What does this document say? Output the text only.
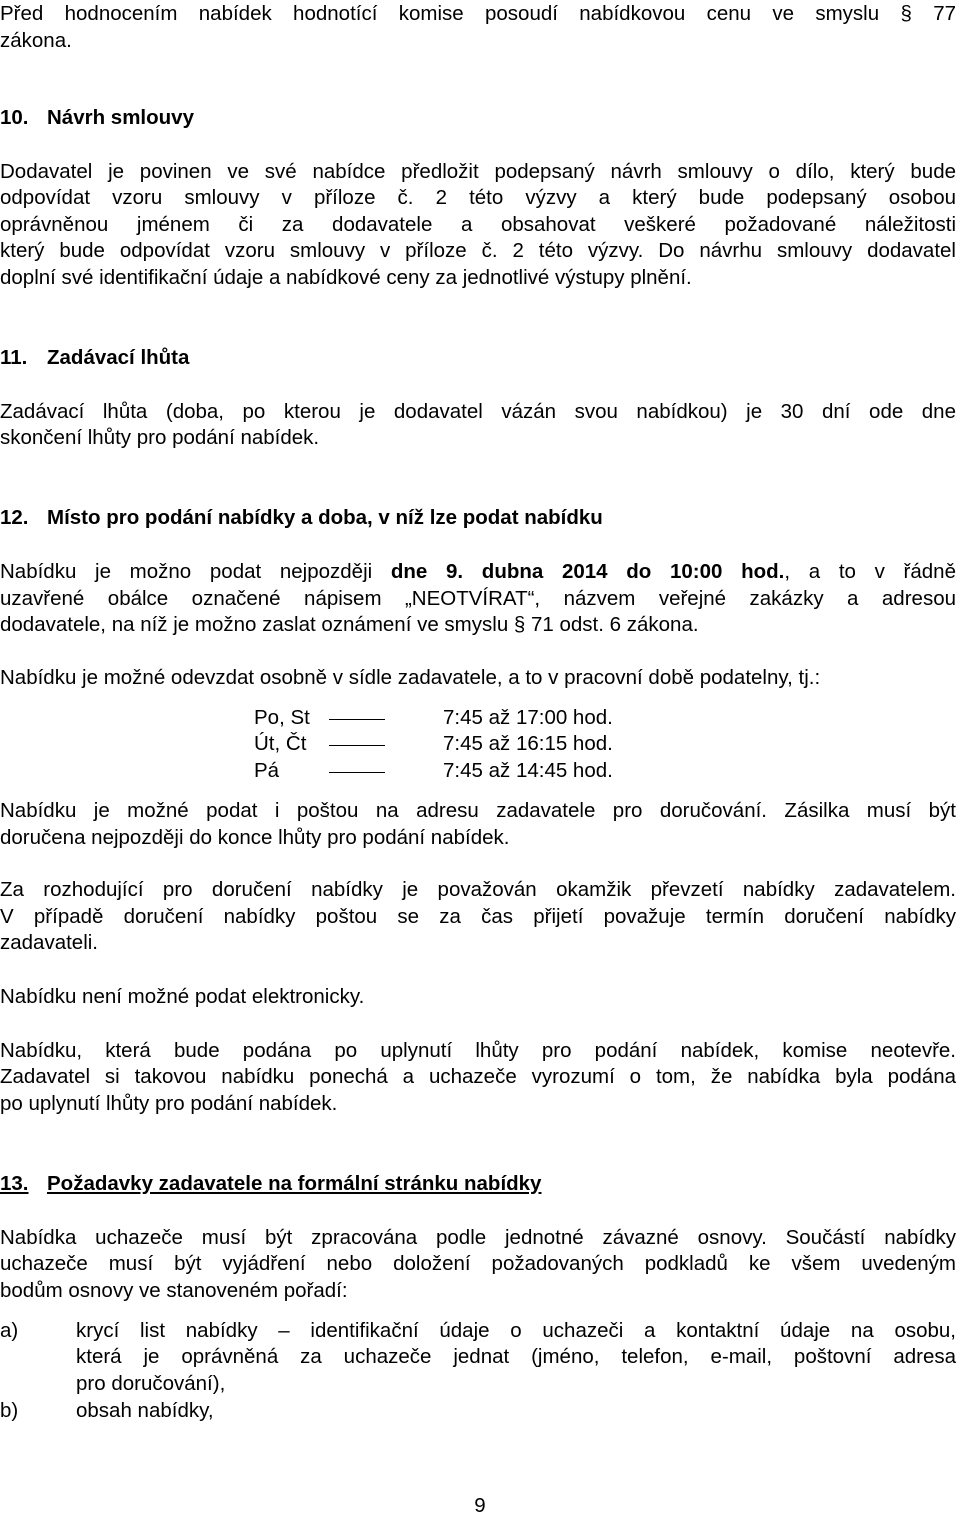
Před hodnocením nabídek hodnotící komise posoudí nabídkovou cenu ve smyslu § 77
zákona.
10. Návrh smlouvy
Dodavatel je povinen ve své nabídce předložit podepsaný návrh smlouvy o dílo, který bude
odpovídat vzoru smlouvy v příloze č. 2 této výzvy a který bude podepsaný osobou
oprávněnou jménem či za dodavatele a obsahovat veškeré požadované náležitosti
který bude odpovídat vzoru smlouvy v příloze č. 2 této výzvy. Do návrhu smlouvy dodavatel
doplní své identifikační údaje a nabídkové ceny za jednotlivé výstupy plnění.
11. Zadávací lhůta
Zadávací lhůta (doba, po kterou je dodavatel vázán svou nabídkou) je 30 dní ode dne
skončení lhůty pro podání nabídek.
12. Místo pro podání nabídky a doba, v níž lze podat nabídku
Nabídku je možno podat nejpozději dne 9. dubna 2014 do 10:00 hod., a to v řádně
uzavřené obálce označené nápisem „NEOTVÍRAT“, názvem veřejné zakázky a adresou
dodavatele, na níž je možno zaslat oznámení ve smyslu § 71 odst. 6 zákona.
Nabídku je možné odevzdat osobně v sídle zadavatele, a to v pracovní době podatelny, tj.:
Po, St	7:45 až 17:00 hod.
Út, Čt	7:45 až 16:15 hod.
Pá	7:45 až 14:45 hod.
Nabídku je možné podat i poštou na adresu zadavatele pro doručování. Zásilka musí být
doručena nejpozději do konce lhůty pro podání nabídek.
Za rozhodující pro doručení nabídky je považován okamžik převzetí nabídky zadavatelem.
V případě doručení nabídky poštou se za čas přijetí považuje termín doručení nabídky
zadavateli.
Nabídku není možné podat elektronicky.
Nabídku, která bude podána po uplynutí lhůty pro podání nabídek, komise neotevře.
Zadavatel si takovou nabídku ponechá a uchazeče vyrozumí o tom, že nabídka byla podána
po uplynutí lhůty pro podání nabídek.
13. Požadavky zadavatele na formální stránku nabídky
Nabídka uchazeče musí být zpracována podle jednotné závazné osnovy. Součástí nabídky
uchazeče musí být vyjádření nebo doložení požadovaných podkladů ke všem uvedeným
bodům osnovy ve stanoveném pořadí:
a)	krycí list nabídky – identifikační údaje o uchazeči a kontaktní údaje na osobu,
která je oprávněná za uchazeče jednat (jméno, telefon, e-mail, poštovní adresa
pro doručování),
b)	obsah nabídky,
9
